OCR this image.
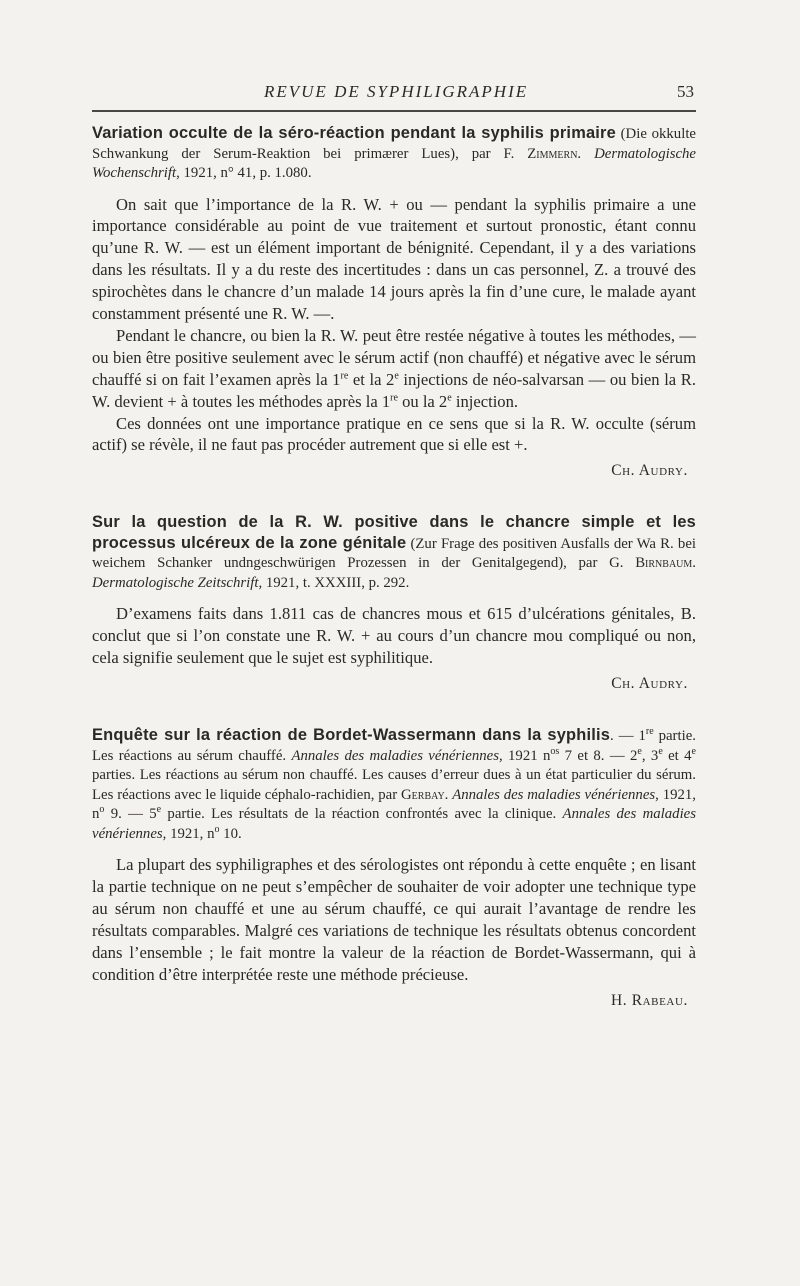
REVUE DE SYPHILIGRAPHIE	53

Variation occulte de la séro-réaction pendant la syphilis primaire (Die okkulte Schwankung der Serum-Reaktion bei primærer Lues), par F. Zimmern. Dermatologische Wochenschrift, 1921, n° 41, p. 1.080.

On sait que l’importance de la R. W. + ou — pendant la syphilis primaire a une importance considérable au point de vue traitement et surtout pronostic, étant connu qu’une R. W. — est un élément important de bénignité. Cependant, il y a des variations dans les résultats. Il y a du reste des incertitudes : dans un cas personnel, Z. a trouvé des spirochètes dans le chancre d’un malade 14 jours après la fin d’une cure, le malade ayant constamment présenté une R. W. —.

Pendant le chancre, ou bien la R. W. peut être restée négative à toutes les méthodes, — ou bien être positive seulement avec le sérum actif (non chauffé) et négative avec le sérum chauffé si on fait l’examen après la 1re et la 2e injections de néo-salvarsan — ou bien la R. W. devient + à toutes les méthodes après la 1re ou la 2e injection.

Ces données ont une importance pratique en ce sens que si la R. W. occulte (sérum actif) se révèle, il ne faut pas procéder autrement que si elle est +.

Ch. Audry.

Sur la question de la R. W. positive dans le chancre simple et les processus ulcéreux de la zone génitale (Zur Frage des positiven Ausfalls der Wa R. bei weichem Schanker undngeschwürigen Prozessen in der Genitalgegend), par G. Birnbaum. Dermatologische Zeitschrift, 1921, t. XXXIII, p. 292.

D’examens faits dans 1.811 cas de chancres mous et 615 d’ulcérations génitales, B. conclut que si l’on constate une R. W. + au cours d’un chancre mou compliqué ou non, cela signifie seulement que le sujet est syphilitique.

Ch. Audry.

Enquête sur la réaction de Bordet-Wassermann dans la syphilis. — 1re partie. Les réactions au sérum chauffé. Annales des maladies vénériennes, 1921 $n^{os}$ 7 et 8. — 2e, 3e et 4e parties. Les réactions au sérum non chauffé. Les causes d’erreur dues à un état particulier du sérum. Les réactions avec le liquide céphalo-rachidien, par Gerbay. Annales des maladies vénériennes, 1921, $n^o$ 9. — 5e partie. Les résultats de la réaction confrontés avec la clinique. Annales des maladies vénériennes, 1921, $n^o$ 10.

La plupart des syphiligraphes et des sérologistes ont répondu à cette enquête ; en lisant la partie technique on ne peut s’empêcher de souhaiter de voir adopter une technique type au sérum non chauffé et une au sérum chauffé, ce qui aurait l’avantage de rendre les résultats comparables. Malgré ces variations de technique les résultats obtenus concordent dans l’ensemble ; le fait montre la valeur de la réaction de Bordet-Wassermann, qui à condition d’être interprétée reste une méthode précieuse.

H. Rabeau.
